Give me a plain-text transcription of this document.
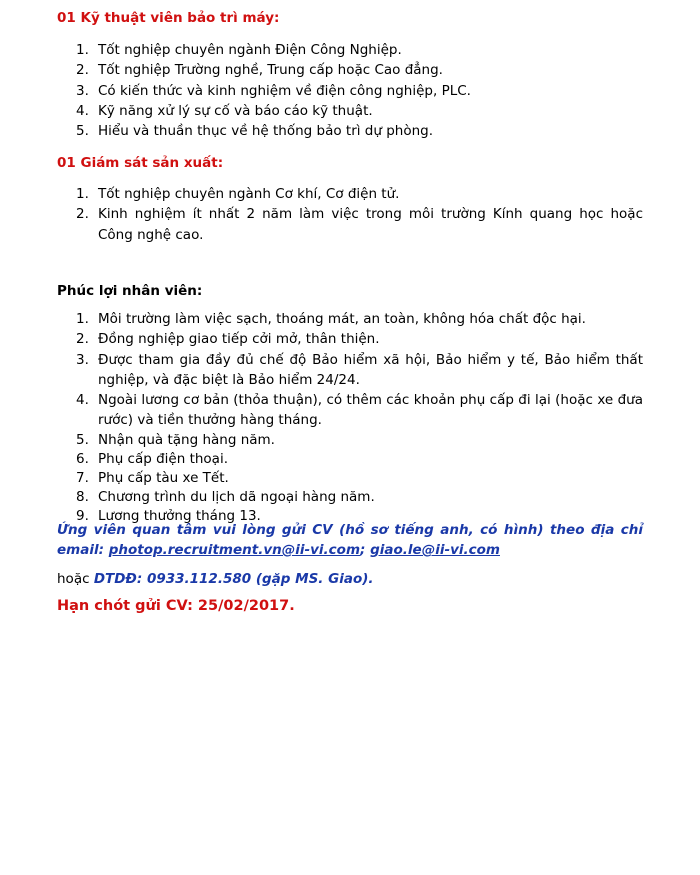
01 Kỹ thuật viên bảo trì máy:
1. Tốt nghiệp chuyên ngành Điện Công Nghiệp.
2. Tốt nghiệp Trường nghề, Trung cấp hoặc Cao đẳng.
3. Có kiến thức và kinh nghiệm về điện công nghiệp, PLC.
4. Kỹ năng xử lý sự cố và báo cáo kỹ thuật.
5. Hiểu và thuần thục về hệ thống bảo trì dự phòng.
01 Giám sát sản xuất:
1. Tốt nghiệp chuyên ngành Cơ khí, Cơ điện tử.
2. Kinh nghiệm ít nhất 2 năm làm việc trong môi trường Kính quang học hoặc Công nghệ cao.
Phúc lợi nhân viên:
1. Môi trường làm việc sạch, thoáng mát, an toàn, không hóa chất độc hại.
2. Đồng nghiệp giao tiếp cởi mở, thân thiện.
3. Được tham gia đầy đủ chế độ Bảo hiểm xã hội, Bảo hiểm y tế, Bảo hiểm thất nghiệp, và đặc biệt là Bảo hiểm 24/24.
4. Ngoài lương cơ bản (thỏa thuận), có thêm các khoản phụ cấp đi lại (hoặc xe đưa rước) và tiền thưởng hàng tháng.
5. Nhận quà tặng hàng năm.
6. Phụ cấp điện thoại.
7. Phụ cấp tàu xe Tết.
8. Chương trình du lịch dã ngoại hàng năm.
9. Lương thưởng tháng 13.

Ứng viên quan tâm vui lòng gửi CV (hồ sơ tiếng anh, có hình) theo địa chỉ email: photop.recruitment.vn@ii-vi.com; giao.le@ii-vi.com

hoặc DTDĐ: 0933.112.580 (gặp MS. Giao).

Hạn chót gửi CV: 25/02/2017.
